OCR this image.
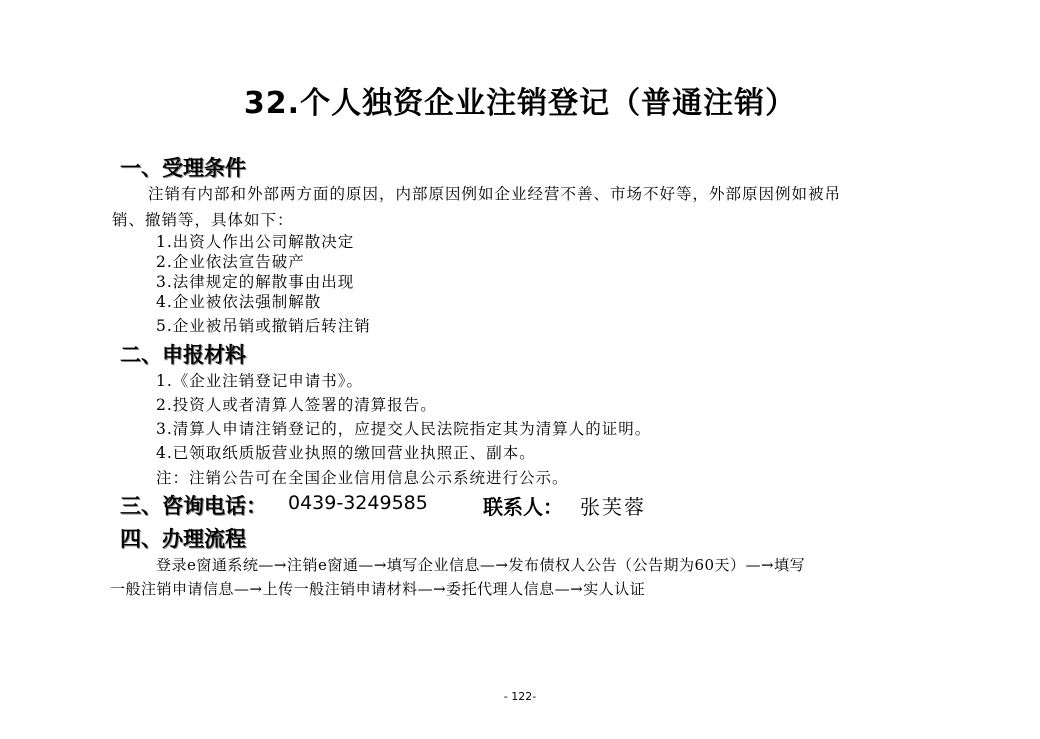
32.个人独资企业注销登记（普通注销）
一、受理条件
注销有内部和外部两方面的原因，内部原因例如企业经营不善、市场不好等，外部原因例如被吊
销、撤销等，具体如下：
1.出资人作出公司解散决定
2.企业依法宣告破产
3.法律规定的解散事由出现
4.企业被依法强制解散
5.企业被吊销或撤销后转注销
二、申报材料
1.《企业注销登记申请书》。
2.投资人或者清算人签署的清算报告。
3.清算人申请注销登记的，应提交人民法院指定其为清算人的证明。
4.已领取纸质版营业执照的缴回营业执照正、副本。
注：注销公告可在全国企业信用信息公示系统进行公示。
三、咨询电话： 0439-3249585	联系人： 张芙蓉
四、办理流程
登录e窗通系统—→注销e窗通—→填写企业信息—→发布债权人公告（公告期为60天）—→填写
一般注销申请信息—→上传一般注销申请材料—→委托代理人信息—→实人认证
- 122-
